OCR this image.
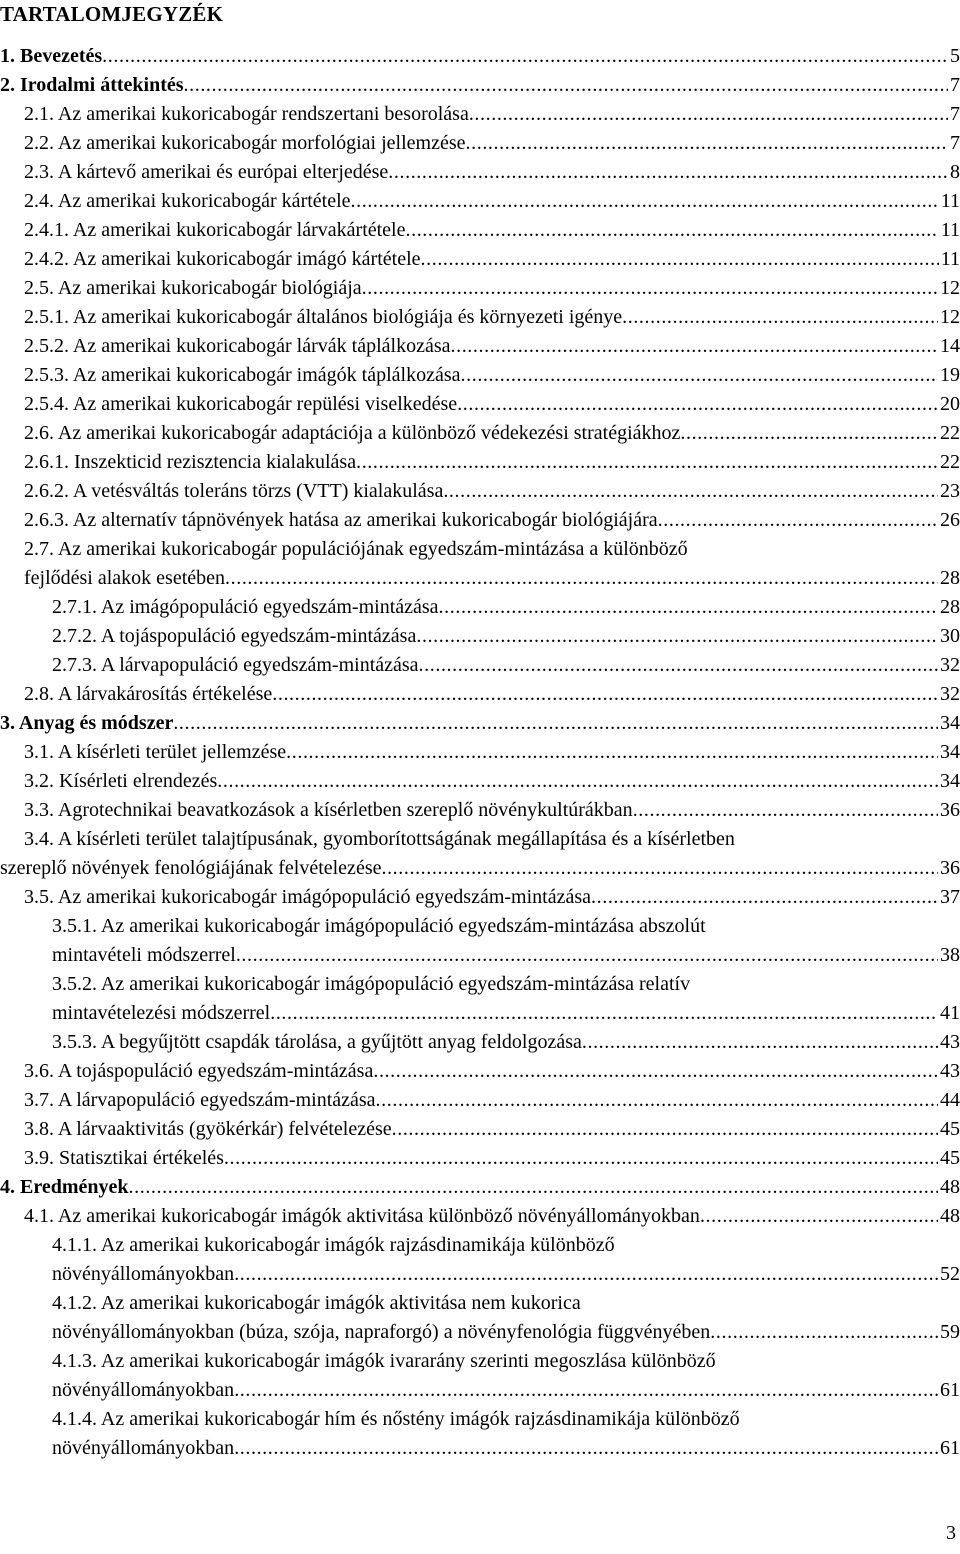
TARTALOMJEGYZÉK
1. Bevezetés .....	5
2. Irodalmi áttekintés .....	7
2.1. Az amerikai kukoricabogár rendszertani besorolása .....	7
2.2. Az amerikai kukoricabogár morfológiai jellemzése .....	7
2.3. A kártevő amerikai és európai elterjedése .....	8
2.4. Az amerikai kukoricabogár kártétele .....	11
2.4.1. Az amerikai kukoricabogár lárvakártétele .....	11
2.4.2. Az amerikai kukoricabogár imágó kártétele .....	11
2.5. Az amerikai kukoricabogár biológiája .....	12
2.5.1. Az amerikai kukoricabogár általános biológiája és környezeti igénye .....	12
2.5.2. Az amerikai kukoricabogár lárvák táplálkozása .....	14
2.5.3. Az amerikai kukoricabogár imágók táplálkozása .....	19
2.5.4. Az amerikai kukoricabogár repülési viselkedése .....	20
2.6. Az amerikai kukoricabogár adaptációja a különböző védekezési stratégiákhoz .....	22
2.6.1. Inszekticid rezisztencia kialakulása .....	22
2.6.2. A vetésváltás toleráns törzs (VTT) kialakulása .....	23
2.6.3. Az alternatív tápnövények hatása az amerikai kukoricabogár biológiájára .....	26
2.7. Az amerikai kukoricabogár populációjának egyedszám-mintázása a különböző
fejlődési alakok esetében .....	28
2.7.1. Az imágópopuláció egyedszám-mintázása .....	28
2.7.2. A tojáspopuláció egyedszám-mintázása .....	30
2.7.3. A lárvapopuláció egyedszám-mintázása .....	32
2.8. A lárvakárosítás értékelése .....	32
3. Anyag és módszer .....	34
3.1. A kísérleti terület jellemzése .....	34
3.2. Kísérleti elrendezés .....	34
3.3. Agrotechnikai beavatkozások a kísérletben szereplő növénykultúrákban .....	36
3.4. A kísérleti terület talajtípusának, gyomborítottságának megállapítása és a kísérletben
szereplő növények fenológiájának felvételezése .....	36
3.5. Az amerikai kukoricabogár imágópopuláció egyedszám-mintázása .....	37
3.5.1. Az amerikai kukoricabogár imágópopuláció egyedszám-mintázása abszolút
mintavételi módszerrel .....	38
3.5.2. Az amerikai kukoricabogár imágópopuláció egyedszám-mintázása relatív
mintavételezési módszerrel .....	41
3.5.3. A begyűjtött csapdák tárolása, a gyűjtött anyag feldolgozása .....	43
3.6. A tojáspopuláció egyedszám-mintázása .....	43
3.7. A lárvapopuláció egyedszám-mintázása .....	44
3.8. A lárvaaktivitás (gyökérkár) felvételezése .....	45
3.9. Statisztikai értékelés .....	45
4. Eredmények .....	48
4.1. Az amerikai kukoricabogár imágók aktivitása különböző növényállományokban .....	48
4.1.1. Az amerikai kukoricabogár imágók rajzásdinamikája különböző
növényállományokban .....	52
4.1.2. Az amerikai kukoricabogár imágók aktivitása nem kukorica
növényállományokban (búza, szója, napraforgó) a növényfenológia függvényében .....	59
4.1.3. Az amerikai kukoricabogár imágók ivararány szerinti megoszlása különböző
növényállományokban .....	61
4.1.4. Az amerikai kukoricabogár hím és nőstény imágók rajzásdinamikája különböző
növényállományokban .....	61
3
